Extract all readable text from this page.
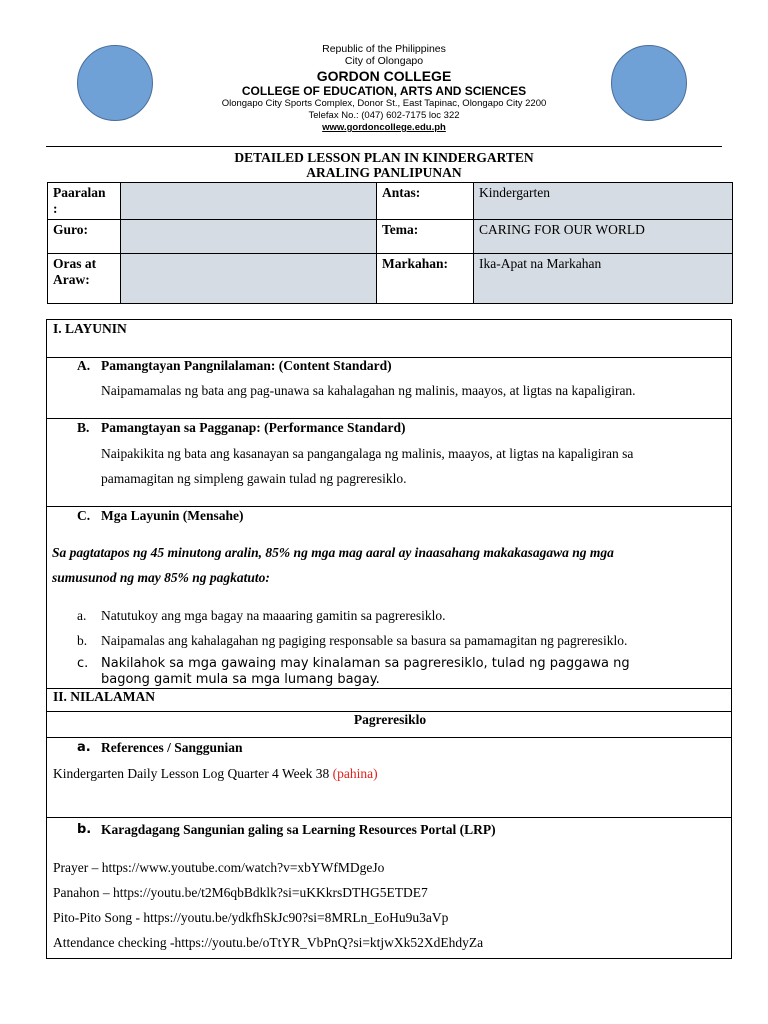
Republic of the Philippines
City of Olongapo
GORDON COLLEGE
COLLEGE OF EDUCATION, ARTS AND SCIENCES
Olongapo City Sports Complex, Donor St., East Tapinac, Olongapo City 2200
Telefax No.: (047) 602-7175 loc 322
www.gordoncollege.edu.ph
DETAILED LESSON PLAN IN KINDERGARTEN
ARALING PANLIPUNAN
Paaralan
:		Antas:	Kindergarten
Guro:		Tema:	CARING FOR OUR WORLD

Oras at
Araw:		Markahan:	Ika-Apat na Markahan
I. LAYUNIN
A. Pamangtayan Pangnilalaman: (Content Standard)
Naipamamalas ng bata ang pag-unawa sa kahalagahan ng malinis, maayos, at ligtas na kapaligiran.
B. Pamangtayan sa Pagganap: (Performance Standard)
Naipakikita ng bata ang kasanayan sa pangangalaga ng malinis, maayos, at ligtas na kapaligiran sa
pamamagitan ng simpleng gawain tulad ng pagreresiklo.
C. Mga Layunin (Mensahe)
Sa pagtatapos ng 45 minutong aralin, 85% ng mga mag aaral ay inaasahang makakasagawa ng mga
sumusunod ng may 85% ng pagkatuto:
a. Natutukoy ang mga bagay na maaaring gamitin sa pagreresiklo.
b. Naipamalas ang kahalagahan ng pagiging responsable sa basura sa pamamagitan ng pagreresiklo.
c. Nakilahok sa mga gawaing may kinalaman sa pagreresiklo, tulad ng paggawa ng
bagong gamit mula sa mga lumang bagay.
II. NILALAMAN
Pagreresiklo
a. References / Sanggunian
Kindergarten Daily Lesson Log Quarter 4 Week 38 (pahina)
b. Karagdagang Sangunian galing sa Learning Resources Portal (LRP)
Prayer – https://www.youtube.com/watch?v=xbYWfMDgeJo
Panahon – https://youtu.be/t2M6qbBdklk?si=uKKkrsDTHG5ETDE7
Pito-Pito Song - https://youtu.be/ydkfhSkJc90?si=8MRLn_EoHu9u3aVp
Attendance checking -https://youtu.be/oTtYR_VbPnQ?si=ktjwXk52XdEhdyZa
